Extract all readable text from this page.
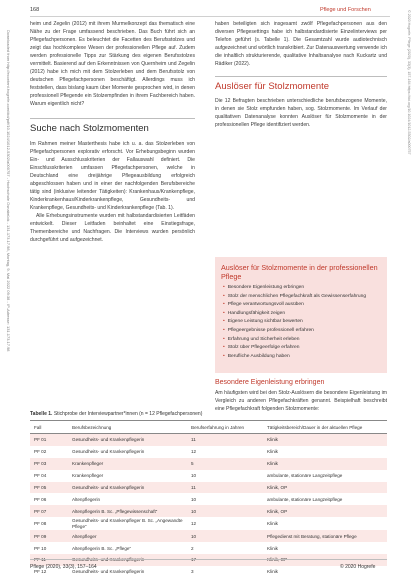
168	Pflege und Forschen
Downloaded from http://econtent.hogrefe.com/doi/pdf/10.1024/1012-5302/a000757 - Hochschule Osnabrück - 131.173.17.98, Montag, 9. Mai 2022 09:38 - IP-Adresse: 131.173.17.98	© 2020 Hogrefe. Pflege (2020), 33(3), 157-164 https://doi.org/10.1024/1012-5302/a000757

heim und Zegelin (2012) mit ihrem Murmelkonzept das thematisch eine Nähe zu der Frage umfassend beschrieben. Das Buch führt sich an Pflegefachpersonen. Es beleuchtet die Facetten des Berufsstolzes und zeigt das hochkomplexe Wesen der professionellen Pflege auf. Zudem werden professionelle Tipps zur Stärkung des eigenen Berufsstolzes vermittelt. Basierend auf den Erkenntnissen von Quernheim und Zegelin (2012) habe ich mich mit dem Stolzerleben und dem Berufsstolz von deutschen Pflegefachpersonen beschäftigt. Allerdings muss ich feststellen, dass bislang kaum über Momente gesprochen wird, in denen professionell Pflegende ein Stolzempfinden in ihrem Fachbereich haben. Warum eigentlich nicht?

Suche nach Stolzmomenten

Im Rahmen meiner Masterthesis habe ich u. a. das Stolzerleben von Pflegefachpersonen explorativ erforscht. Vor Erhebungsbeginn wurden Ein- und Ausschlusskriterien der Fallauswahl definiert. Die Einschlusskriterien umfassen Pflegefachpersonen, welche in Deutschland eine dreijährige Pflegeausbildung erfolgreich abgeschlossen haben und in einer der nachfolgenden Berufsbereiche tätig sind (inklusive leitender Tätigkeiten): Krankenhaus/Krankenpflege, Kinderkrankenhaus/Kinderkrankenpflege, Gesundheits- und Krankenpflege, Gesundheits- und Kinderkrankenpflege (Tab. 1).

Alle Erhebungsinstrumente wurden mit halbstandardisierten Leitfäden entwickelt. Dieser Leitfaden beinhaltet eine Einstiegsfrage, Themenbereiche und Nachfragen. Die Interviews wurden persönlich durchgeführt und aufgezeichnet.

haben beteiligten sich insgesamt zwölf Pflegefachpersonen aus den diversen Pflegesettings habe ich halbstandardisierte Einzelinterviews per Telefon geführt (s. Tabelle 1). Die Gesamtzahl wurde audiotechnisch aufgezeichnet und wörtlich transkribiert. Zur Datenauswertung verwende ich die inhaltlich strukturierende, qualitative Inhaltsanalyse nach Kuckartz und Rädiker (2022).

Auslöser für Stolzmomente

Die 12 Befragten beschrieben unterschiedliche berufsbezogene Momente, in denen sie Stolz empfunden haben, sog. Stolzmomente. Im Verlauf der qualitativen Datenanalyse konnten Auslöser für Stolzmomente in der professionellen Pflege identifiziert werden.

Auslöser für Stolzmomente in der professionellen Pflege
• Besondere Eigenleistung erbringen
• Stolz der menschlichen Pflegefachkraft als Gewissenserfahrung
• Pflege verantwortungsvoll ausüben
• Handlungsfähigkeit zeigen
• Eigene Leistung sichtbar bewerten
• Pflegeergebnisse professionell erfahren
• Erfahrung und Sicherheit erleben
• Stolz über Pflegeerfolge erfahren
• Berufliche Ausbildung haben
Besondere Eigenleistung erbringen

Am häufigsten wird bei den Stolz-Auslösern die besondere Eigenleistung im Vergleich zu anderen Pflegefachkräften genannt. Beispielhaft beschreibt eine Pflegefachkraft folgenden Stolzmomente:

Tabelle 1. Stichprobe der Interviewpartner*innen (n = 12 Pflegefachpersonen)
Fall	Berufsbezeichnung	Berufserfahrung in Jahren	Tätigkeitsbereich/Dauer in der aktuellen Pflege
PF 01	Gesundheits- und Krankenpflegerin	11	Klinik
PF 02	Gesundheits- und Krankenpflegerin	12	Klinik
PF 03	Krankenpfleger	5	Klinik
PF 04	Krankenpfleger	10	ambulante, stationäre Langzeitpflege
PF 05	Gesundheits- und Krankenpflegerin	11	Klinik, OP
PF 06	Altenpflegerin	10	ambulante, stationäre Langzeitpflege
PF 07	Altenpflegerin B. Sc. „Pflegewissenschaft“	10	Klinik, OP
PF 08	Gesundheits- und Krankenpfleger B. Sc. „Angewandte Pflege“	12	Klinik
PF 09	Altenpfleger	10	Pflegedienst mit Beratung, stationäre Pflege
PF 10	Altenpflegerin B. Sc. „Pflege“	2	Klinik
PF 11	Gesundheits- und Krankenpflegerin	17	Klinik, OP
PF 12	Gesundheits- und Krankenpflegerin	3	Klinik
Pflege (2020), 33(3), 157–164	© 2020 Hogrefe
